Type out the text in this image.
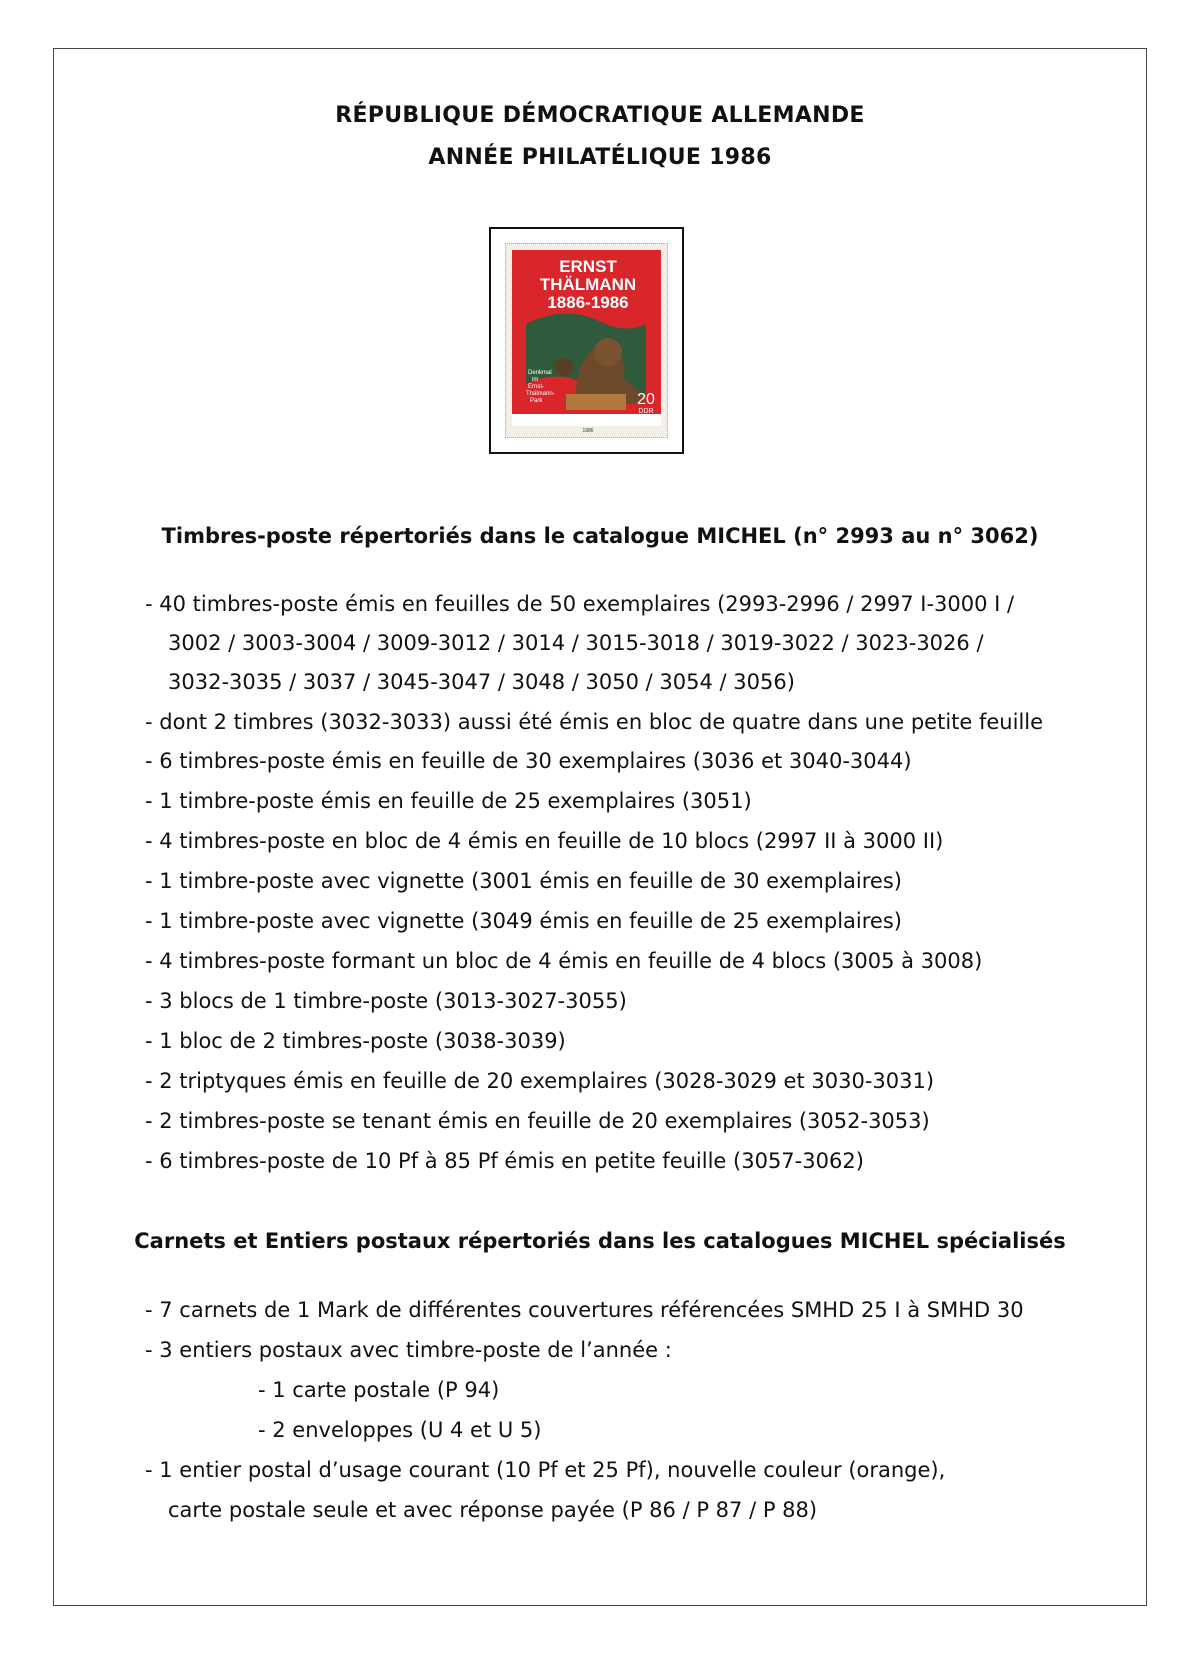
RÉPUBLIQUE DÉMOCRATIQUE ALLEMANDE
ANNÉE PHILATÉLIQUE 1986
Denkmal
im
Ernst-
Thälmann-
Park
ERNST
THÄLMANN
1886-1986
20
DDR
1986
Timbres-poste répertoriés dans le catalogue MICHEL (n° 2993 au n° 3062)
- 40 timbres-poste émis en feuilles de 50 exemplaires (2993-2996 / 2997 I-3000 I /
3002 / 3003-3004 / 3009-3012 / 3014 / 3015-3018 / 3019-3022 / 3023-3026 /
3032-3035 / 3037 / 3045-3047 / 3048 / 3050 / 3054 / 3056)
- dont 2 timbres (3032-3033) aussi été émis en bloc de quatre dans une petite feuille
- 6 timbres-poste émis en feuille de 30 exemplaires (3036 et 3040-3044)
- 1 timbre-poste émis en feuille de 25 exemplaires (3051)
- 4 timbres-poste en bloc de 4 émis en feuille de 10 blocs (2997 II à 3000 II)
- 1 timbre-poste avec vignette (3001 émis en feuille de 30 exemplaires)
- 1 timbre-poste avec vignette (3049 émis en feuille de 25 exemplaires)
- 4 timbres-poste formant un bloc de 4 émis en feuille de 4 blocs (3005 à 3008)
- 3 blocs de 1 timbre-poste (3013-3027-3055)
- 1 bloc de 2 timbres-poste (3038-3039)
- 2 triptyques émis en feuille de 20 exemplaires (3028-3029 et 3030-3031)
- 2 timbres-poste se tenant émis en feuille de 20 exemplaires (3052-3053)
- 6 timbres-poste de 10 Pf à 85 Pf émis en petite feuille (3057-3062)
Carnets et Entiers postaux répertoriés dans les catalogues MICHEL spécialisés
- 7 carnets de 1 Mark de différentes couvertures référencées SMHD 25 I à SMHD 30
- 3 entiers postaux avec timbre-poste de l’année :
- 1 carte postale (P 94)
- 2 enveloppes (U 4 et U 5)
- 1 entier postal d’usage courant (10 Pf et 25 Pf), nouvelle couleur (orange),
carte postale seule et avec réponse payée (P 86 / P 87 / P 88)
